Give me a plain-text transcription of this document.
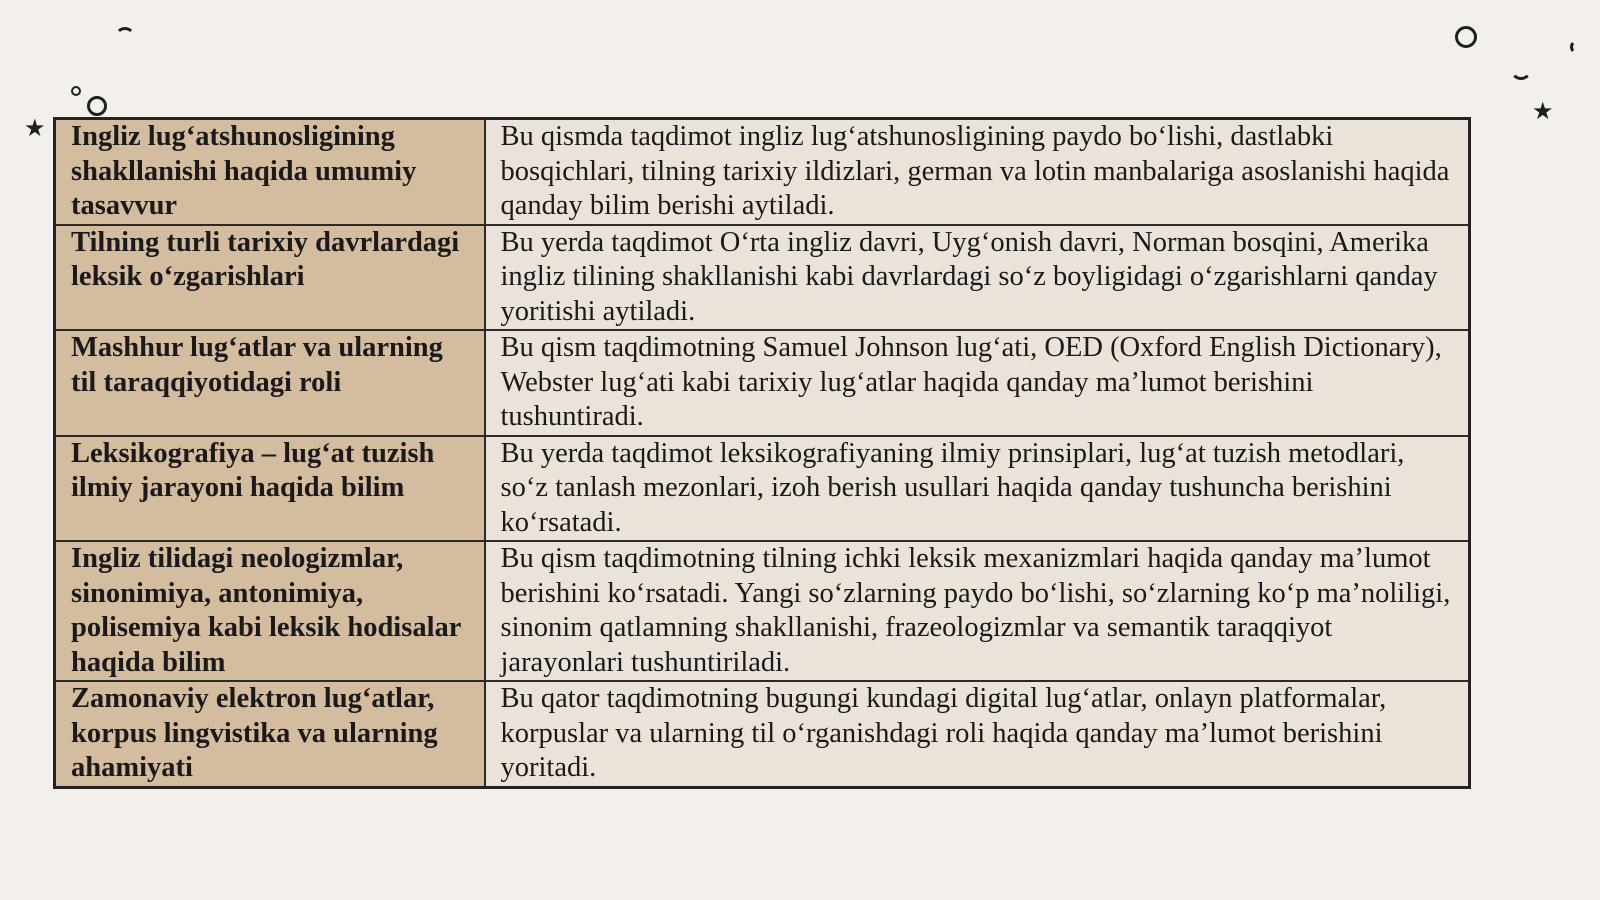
★
★
Ingliz lug‘atshunosligining shakllanishi haqida umumiy tasavvur	Bu qismda taqdimot ingliz lug‘atshunosligining paydo bo‘lishi, dastlabki bosqichlari, tilning tarixiy ildizlari, german va lotin manbalariga asoslanishi haqida qanday bilim berishi aytiladi.
Tilning turli tarixiy davrlardagi leksik o‘zgarishlari	Bu yerda taqdimot O‘rta ingliz davri, Uyg‘onish davri, Norman bosqini, Amerika ingliz tilining shakllanishi kabi davrlardagi so‘z boyligidagi o‘zgarishlarni qanday yoritishi aytiladi.
Mashhur lug‘atlar va ularning til taraqqiyotidagi roli	Bu qism taqdimotning Samuel Johnson lug‘ati, OED (Oxford English Dictionary), Webster lug‘ati kabi tarixiy lug‘atlar haqida qanday ma’lumot berishini tushuntiradi.
Leksikografiya – lug‘at tuzish ilmiy jarayoni haqida bilim	Bu yerda taqdimot leksikografiyaning ilmiy prinsiplari, lug‘at tuzish metodlari, so‘z tanlash mezonlari, izoh berish usullari haqida qanday tushuncha berishini ko‘rsatadi.
Ingliz tilidagi neologizmlar, sinonimiya, antonimiya, polisemiya kabi leksik hodisalar haqida bilim	Bu qism taqdimotning tilning ichki leksik mexanizmlari haqida qanday ma’lumot berishini ko‘rsatadi. Yangi so‘zlarning paydo bo‘lishi, so‘zlarning ko‘p ma’noliligi, sinonim qatlamning shakllanishi, frazeologizmlar va semantik taraqqiyot jarayonlari tushuntiriladi.
Zamonaviy elektron lug‘atlar, korpus lingvistika va ularning ahamiyati	Bu qator taqdimotning bugungi kundagi digital lug‘atlar, onlayn platformalar, korpuslar va ularning til o‘rganishdagi roli haqida qanday ma’lumot berishini yoritadi.
